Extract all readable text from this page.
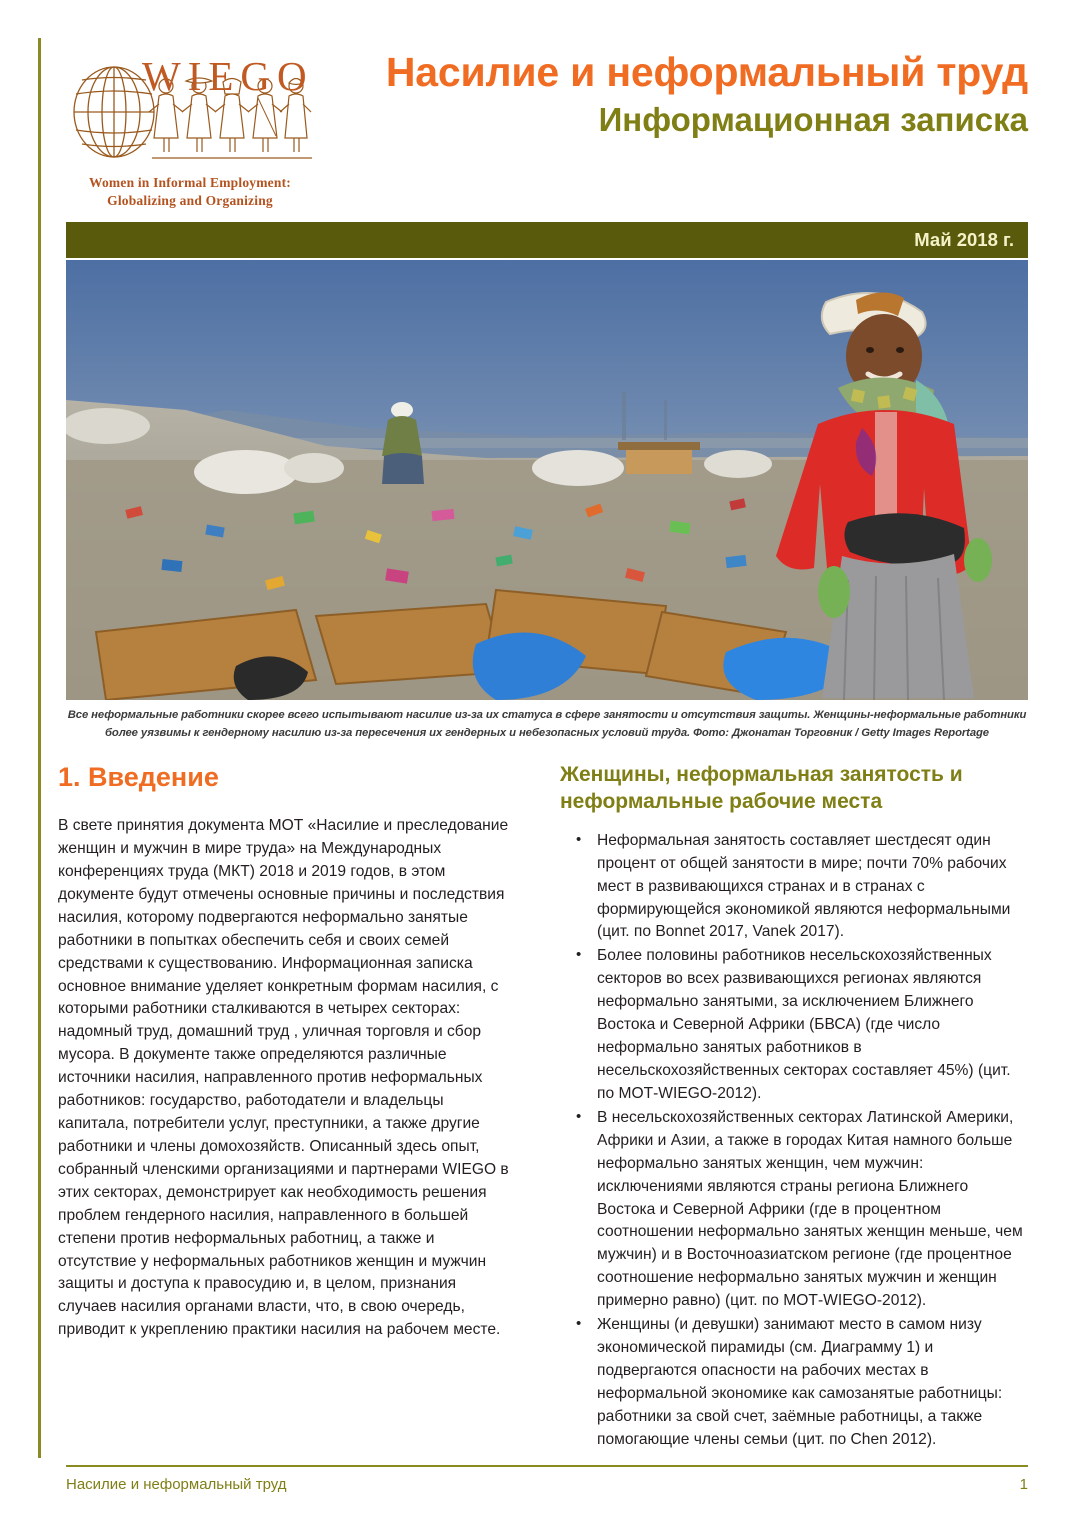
WIEGO
Women in Informal Employment:
Globalizing and Organizing
Насилие и неформальный труд
Информационная записка
Май 2018 г.
Все неформальные работники скорее всего испытывают насилие из-за их статуса в сфере занятости и отсутствия защиты. Женщины-неформальные работники более уязвимы к гендерному насилию из-за пересечения их гендерных и небезопасных условий труда. Фото: Джонатан Торговник / Getty Images Reportage
1. Введение

В свете принятия документа МОТ «Насилие и преследование женщин и мужчин в мире труда» на Международных конференциях труда (МКТ) 2018 и 2019 годов, в этом документе будут отмечены основные причины и последствия насилия, которому подвергаются неформально занятые работники в попытках обеспечить себя и своих семей средствами к существованию. Информационная записка основное внимание уделяет конкретным формам насилия, с которыми работники сталкиваются в четырех секторах: надомный труд, домашний труд , уличная торговля и сбор мусора. В документе также определяются различные источники насилия, направленного против неформальных работников: государство, работодатели и владельцы капитала, потребители услуг, преступники, а также другие работники и члены домохозяйств. Описанный здесь опыт, собранный членскими организациями и партнерами WIEGO в этих секторах, демонстрирует как необходимость решения проблем гендерного насилия, направленного в большей степени против неформальных работниц, а также и отсутствие у неформальных работников женщин и мужчин защиты и доступа к правосудию и, в целом, признания случаев насилия органами власти, что, в свою очередь, приводит к укреплению практики насилия на рабочем месте.

Женщины, неформальная занятость и неформальные рабочие места
• Неформальная занятость составляет шестдесят один процент от общей занятости в мире; почти 70% рабочих мест в развивающихся странах и в странах с формирующейся экономикой являются неформальными (цит. по Bonnet 2017, Vanek 2017).
• Более половины работников несельскохозяйственных секторов во всех развивающихся регионах являются неформально занятыми, за исключением Ближнего Востока и Северной Африки (БВСА) (где число неформально занятых работников в несельскохозяйственных секторах составляет 45%) (цит. по МОТ-WIEGO-2012).
• В несельскохозяйственных секторах Латинской Америки, Африки и Азии, а также в городах Китая намного больше неформально занятых женщин, чем мужчин: исключениями являются страны региона Ближнего Востока и Северной Африки (где в процентном соотношении неформально занятых женщин меньше, чем мужчин) и в Восточноазиатском регионе (где процентное соотношение неформально занятых мужчин и женщин примерно равно) (цит. по МОТ-WIEGO-2012).
• Женщины (и девушки) занимают место в самом низу экономической пирамиды (см. Диаграмму 1) и подвергаются опасности на рабочих местах в неформальной экономике как самозанятые работницы: работники за свой счет, заёмные работницы, а также помогающие члены семьи (цит. по Chen 2012).
Насилие и неформальный труд	1
